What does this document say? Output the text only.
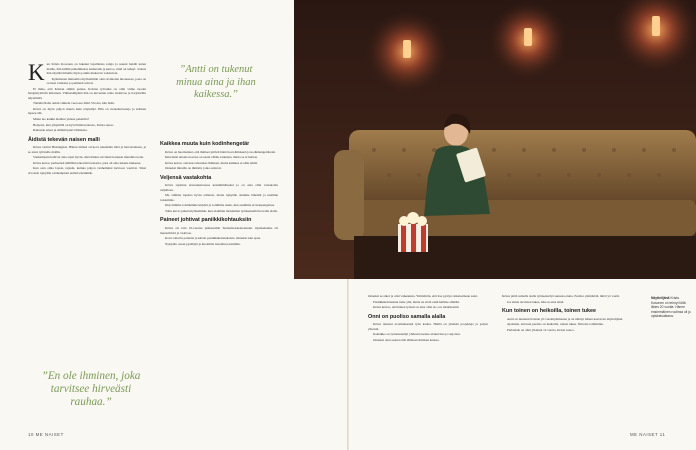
K un Krista Kosonen on lukenut lapsillensa satuja ja saanut heidät unten maille, hän kiiltää puhelimensa kameralle ja kertoo, mitä on tehnyt. Joskus hän näyttää minulle myös jonkin mukavan valokuvan.

Kymmenen minuuttia myöhemmin olen ravintolan huoneessa, jossa on oranssi valaistus ja pehmeät sohvat.

Ei ihme, että Kristan silmät painaa. Kristan työvaihe on ollut viime vuodet hengästyttävän kiireinen. Viimeisimpänä hän on kuvannut uutta elokuvaa ja harjoitellut näytelmää.

Tänään illalla onkin viimein vuorossa lähtö Virosta, hän lisää.

Krista on myös paljon muuta kuin näyttelijä. Hän on ruokaharrastaja ja kolmen lapsen äiti.

Miten tuo kaikki mahtuu yhteen pakettiin?

Helposti, kun ympärillä on hyvä ihmisverkosto, Krista sanoo.

Rakastan arkea ja elämää juuri tällaisena.

Äidistä tekevän naisen malli

Krista varttui Helsingissä. Hänen äitinsä oli kova tekemään töitä ja harrastamaan, ja se antoi tyttärelle mallin.

Vanhempani hoitivat aina arjen hyvin, eikä minun tarvinnut koskaan murehtia kotia.

Krista kertoo perheensä äidillään tekevästä naisesta, joka oli aina tukena kaikessa.

Kun sain omia lapsia, tajusin, kuinka paljon vanhemmat kuvioon vaativat. Siksi arvostan nykyään vanhempiani entistä enemmän.

”Antti on tukenut minua aina ja ihan kaikessa.”
Kaikkea muuta kuin kodinhengetär

Krista on huomannut, että ihmiset pitävät häntä koti-ihmisenä ja kodinhengettärenä.

Kiireisinä aikoina kotona on usein vähän sotkuista, mutta se ei haittaa.

Krista kertoo olevansa idearikas ihminen, mutta kaikkea ei ehdi tehdä.

Onneksi minulla on ihmisiä, jotka auttavat.

Veljensä vastakohta

Krista sijoittuu sisaruskatraassa keskimmäiseksi ja on aina ollut vastakohta veljelleen.

Me olimme lapsina hyvin erilaisia, mutta nykyään olemme läheisiä ja tuemme toisiamme.

Kirjoitimme toisillemme kirjeitä ja soitimme usein, kun asuimme eri kaupungeissa.

Tuttu kuvio jatkui myöhemmin, kun aloimme molemmat työskennellä luovalla alalla.

Paineet johtivat paniikkikohtauksiin

Krista oli vain 19-vuotias päästessään Teatterikorkeakouluun. Opiskeluaika oli intensiivistä ja vaativaa.

Koin valtavia paineita ja kärsin paniikkikohtauksista. Onneksi sain apua.

Nykyään osaan pysähtyä ja huolehtia itsestäni paremmin.

”En ole ihminen, joka tarvitsee hirveästi rauhaa.”

Onneksi se alkoi ja olisi vaikeuksia. Ymmärrän, että itse pystyn ratkaisemaan asiat.

Paniikkikohtauksia tulee yhä, mutta ne eivät enää hallitse elämää.

Krista kertoo, että hänen työnsä on aina ollut iso osa identiteettiä.

Onni on puoliso samalla alalla

Krista tutustui avomieheensä työn kautta. Heillä on yhteisiä projekteja ja paljon yhteistä.

Kaksikko on työskennellyt yhdessä useissa elokuvissa ja sarjoissa.

Onneksi olen saanut elää tällaisen ihmisen kanssa.

Krista pitää samalla alalla työskentelyä suurena etuna. Puoliso ymmärtää, mitä työ vaatii.

Jos sitten tarvitsen tukea, hän on aina siinä.

Kun toinen on heikoilla, toinen tukee

Antti on tuntenut Kristan yli vuosikymmenen ja on nähnyt hänen kasvavan näyttelijänä.

Ajattelen, että kun puoliso on heikoilla, toinen tukee. Niin me toimimme.

Parisuhde on ollut yhdessä 14 vuotta, Krista sanoo.

Näyttelijänä Krista Kosonen on tehnyt töitä lähes 20 vuotta. Hänen ensimmäinen roolinsa oli jo opiskeluaikana.
10 ME NAISET	ME NAISET 11
